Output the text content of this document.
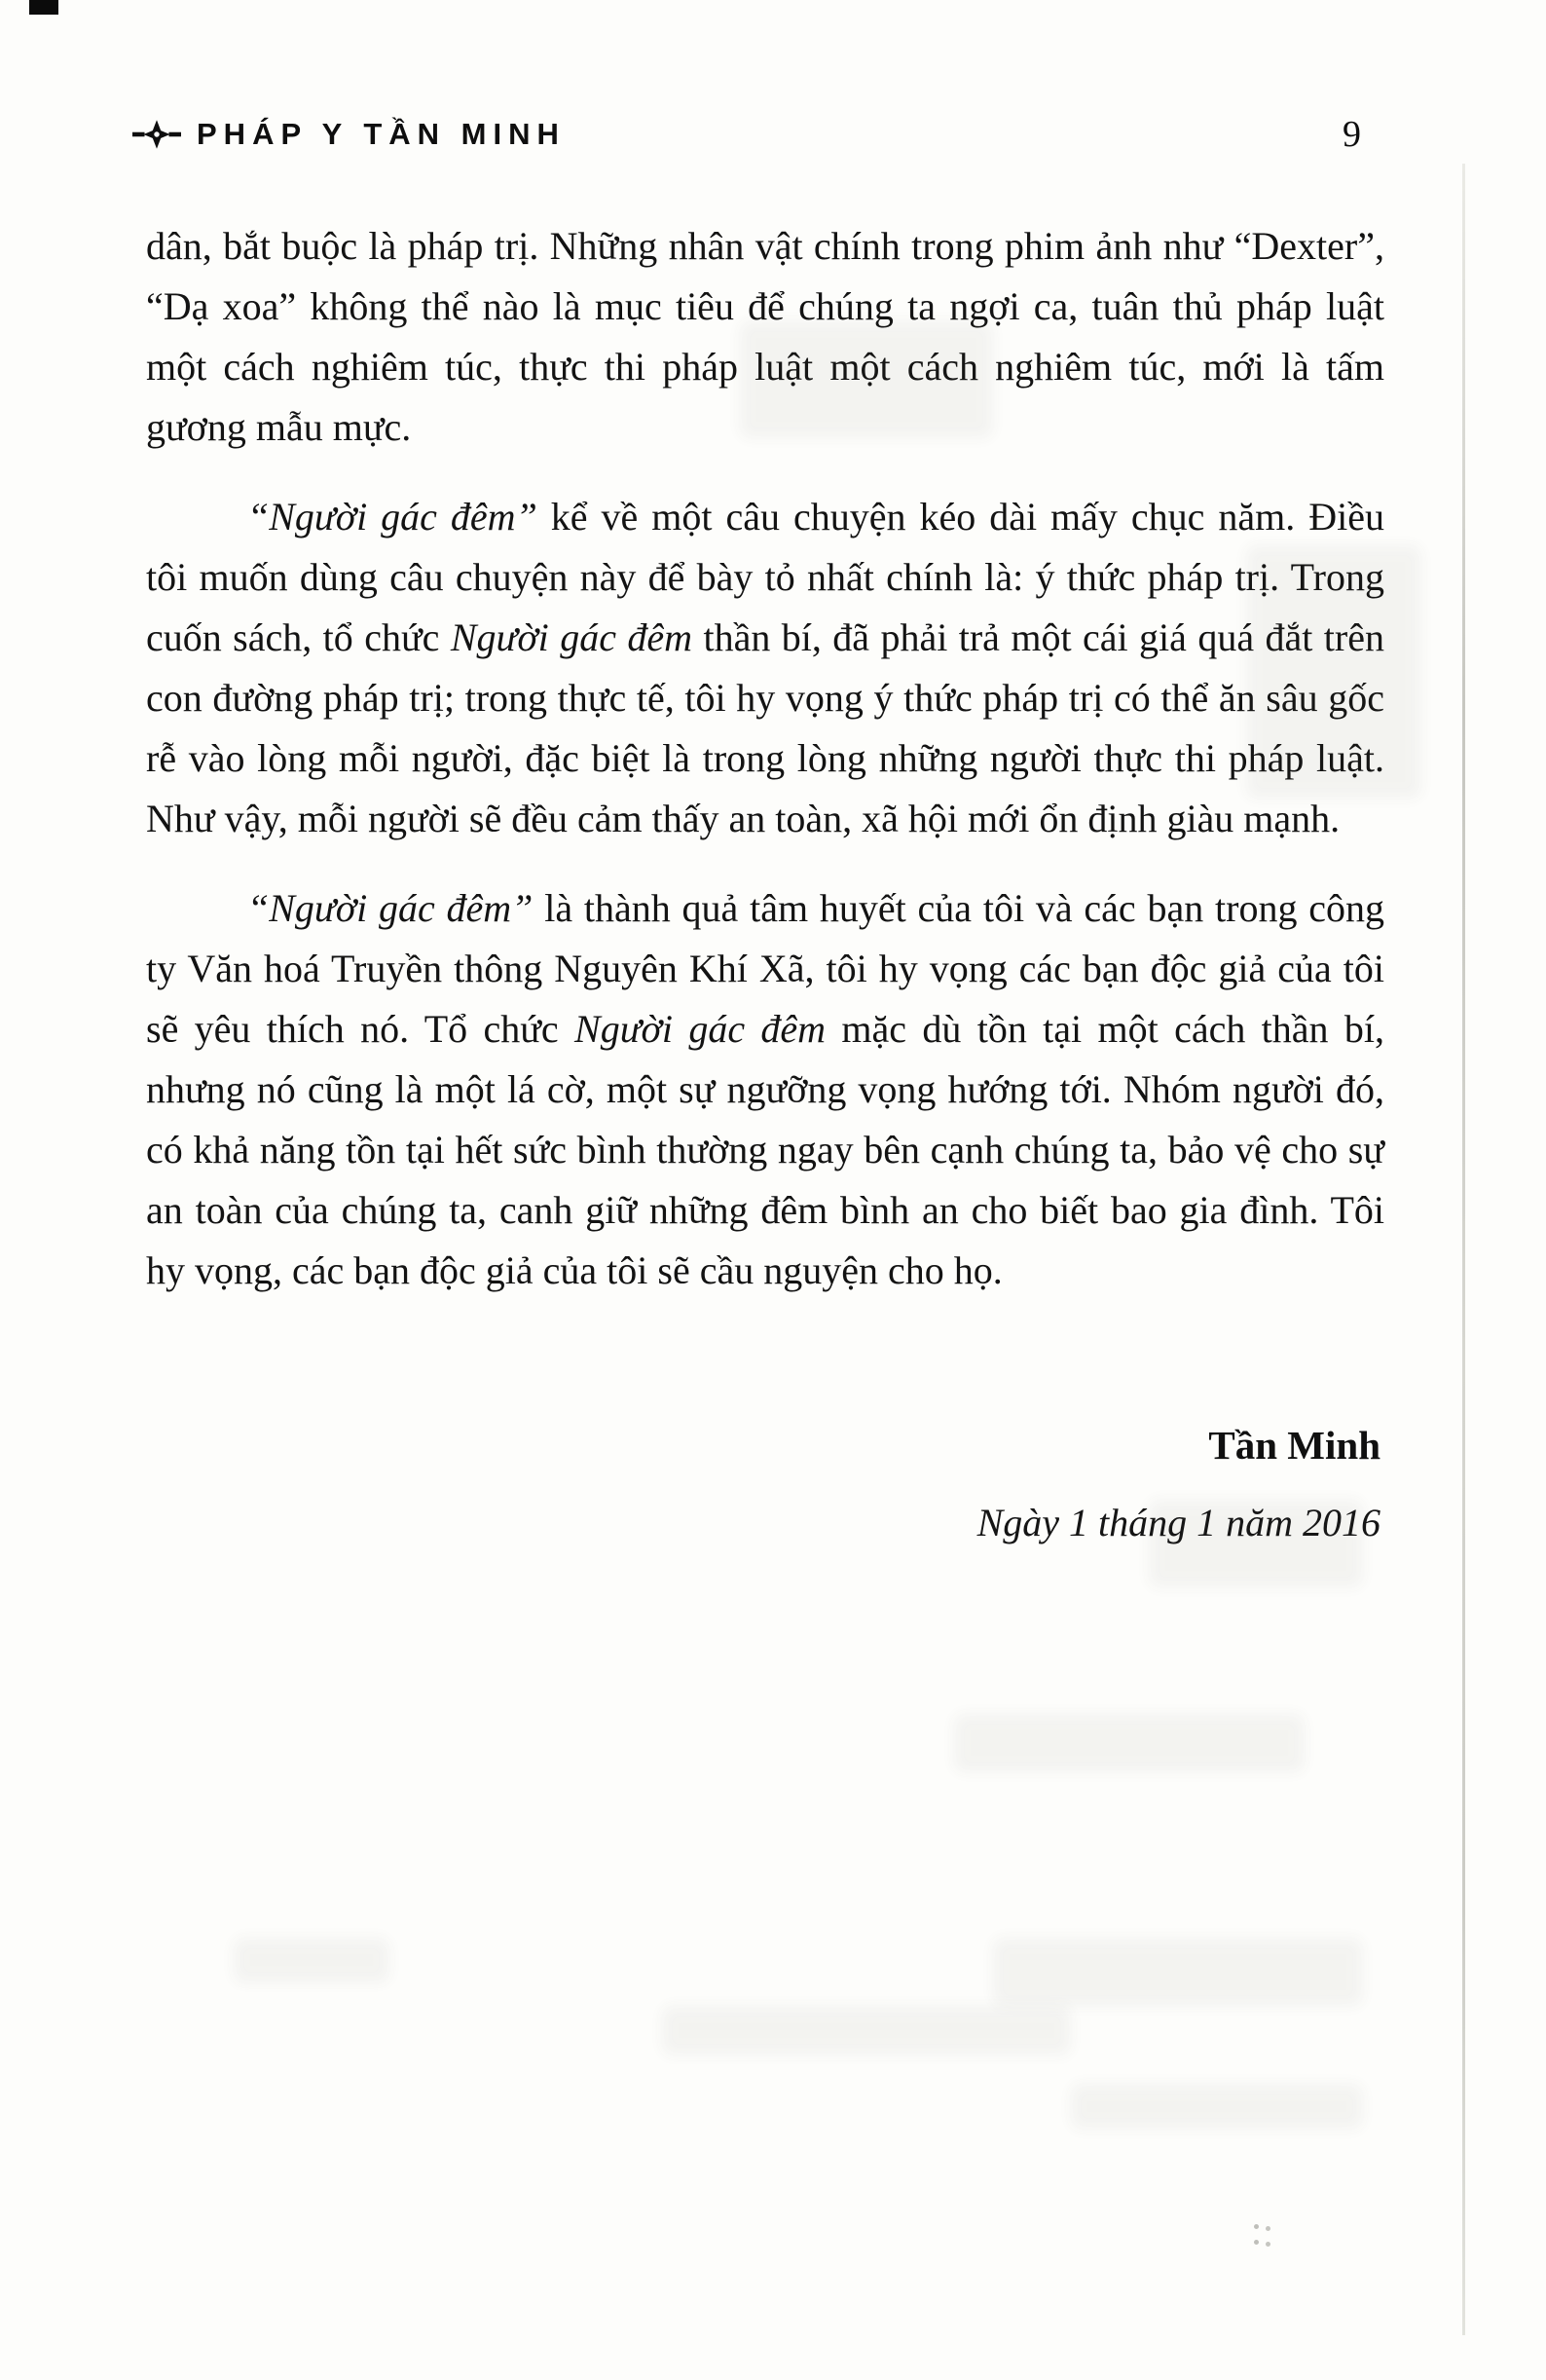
PHÁP Y TẦN MINH	9

dân, bắt buộc là pháp trị. Những nhân vật chính trong phim ảnh như “Dexter”, “Dạ xoa” không thể nào là mục tiêu để chúng ta ngợi ca, tuân thủ pháp luật một cách nghiêm túc, thực thi pháp luật một cách nghiêm túc, mới là tấm gương mẫu mực.

“Người gác đêm” kể về một câu chuyện kéo dài mấy chục năm. Điều tôi muốn dùng câu chuyện này để bày tỏ nhất chính là: ý thức pháp trị. Trong cuốn sách, tổ chức Người gác đêm thần bí, đã phải trả một cái giá quá đắt trên con đường pháp trị; trong thực tế, tôi hy vọng ý thức pháp trị có thể ăn sâu gốc rễ vào lòng mỗi người, đặc biệt là trong lòng những người thực thi pháp luật. Như vậy, mỗi người sẽ đều cảm thấy an toàn, xã hội mới ổn định giàu mạnh.

“Người gác đêm” là thành quả tâm huyết của tôi và các bạn trong công ty Văn hoá Truyền thông Nguyên Khí Xã, tôi hy vọng các bạn độc giả của tôi sẽ yêu thích nó. Tổ chức Người gác đêm mặc dù tồn tại một cách thần bí, nhưng nó cũng là một lá cờ, một sự ngưỡng vọng hướng tới. Nhóm người đó, có khả năng tồn tại hết sức bình thường ngay bên cạnh chúng ta, bảo vệ cho sự an toàn của chúng ta, canh giữ những đêm bình an cho biết bao gia đình. Tôi hy vọng, các bạn độc giả của tôi sẽ cầu nguyện cho họ.

Tần Minh
Ngày 1 tháng 1 năm 2016
